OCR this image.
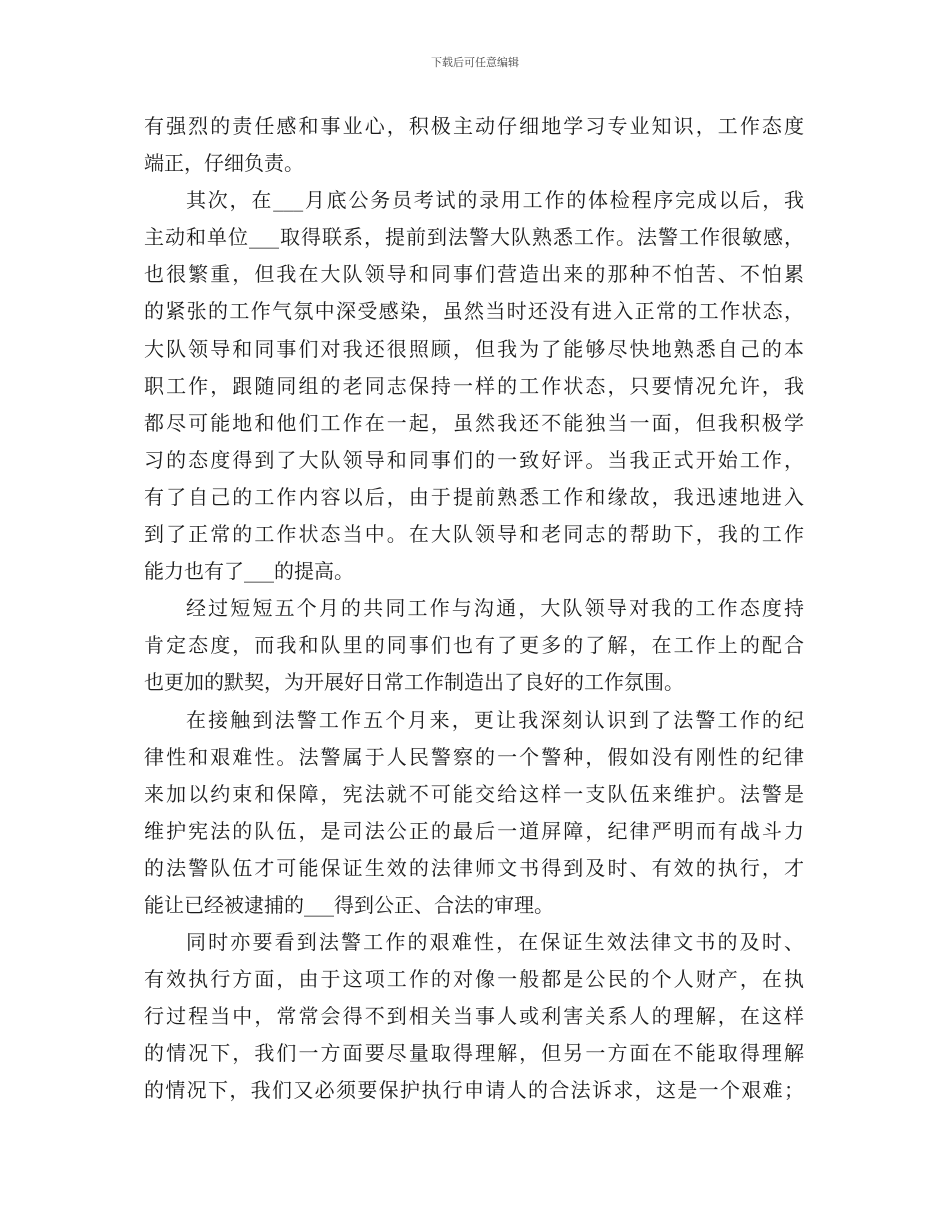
下载后可任意编辑
有强烈的责任感和事业心，积极主动仔细地学习专业知识，工作态度
端正，仔细负责。
其次，在___月底公务员考试的录用工作的体检程序完成以后，我
主动和单位___取得联系，提前到法警大队熟悉工作。法警工作很敏感，
也很繁重，但我在大队领导和同事们营造出来的那种不怕苦、不怕累
的紧张的工作气氛中深受感染，虽然当时还没有进入正常的工作状态，
大队领导和同事们对我还很照顾，但我为了能够尽快地熟悉自己的本
职工作，跟随同组的老同志保持一样的工作状态，只要情况允许，我
都尽可能地和他们工作在一起，虽然我还不能独当一面，但我积极学
习的态度得到了大队领导和同事们的一致好评。当我正式开始工作，
有了自己的工作内容以后，由于提前熟悉工作和缘故，我迅速地进入
到了正常的工作状态当中。在大队领导和老同志的帮助下，我的工作
能力也有了___的提高。
经过短短五个月的共同工作与沟通，大队领导对我的工作态度持
肯定态度，而我和队里的同事们也有了更多的了解，在工作上的配合
也更加的默契，为开展好日常工作制造出了良好的工作氛围。
在接触到法警工作五个月来，更让我深刻认识到了法警工作的纪
律性和艰难性。法警属于人民警察的一个警种，假如没有刚性的纪律
来加以约束和保障，宪法就不可能交给这样一支队伍来维护。法警是
维护宪法的队伍，是司法公正的最后一道屏障，纪律严明而有战斗力
的法警队伍才可能保证生效的法律师文书得到及时、有效的执行，才
能让已经被逮捕的___得到公正、合法的审理。
同时亦要看到法警工作的艰难性，在保证生效法律文书的及时、
有效执行方面，由于这项工作的对像一般都是公民的个人财产，在执
行过程当中，常常会得不到相关当事人或利害关系人的理解，在这样
的情况下，我们一方面要尽量取得理解，但另一方面在不能取得理解
的情况下，我们又必须要保护执行申请人的合法诉求，这是一个艰难；
